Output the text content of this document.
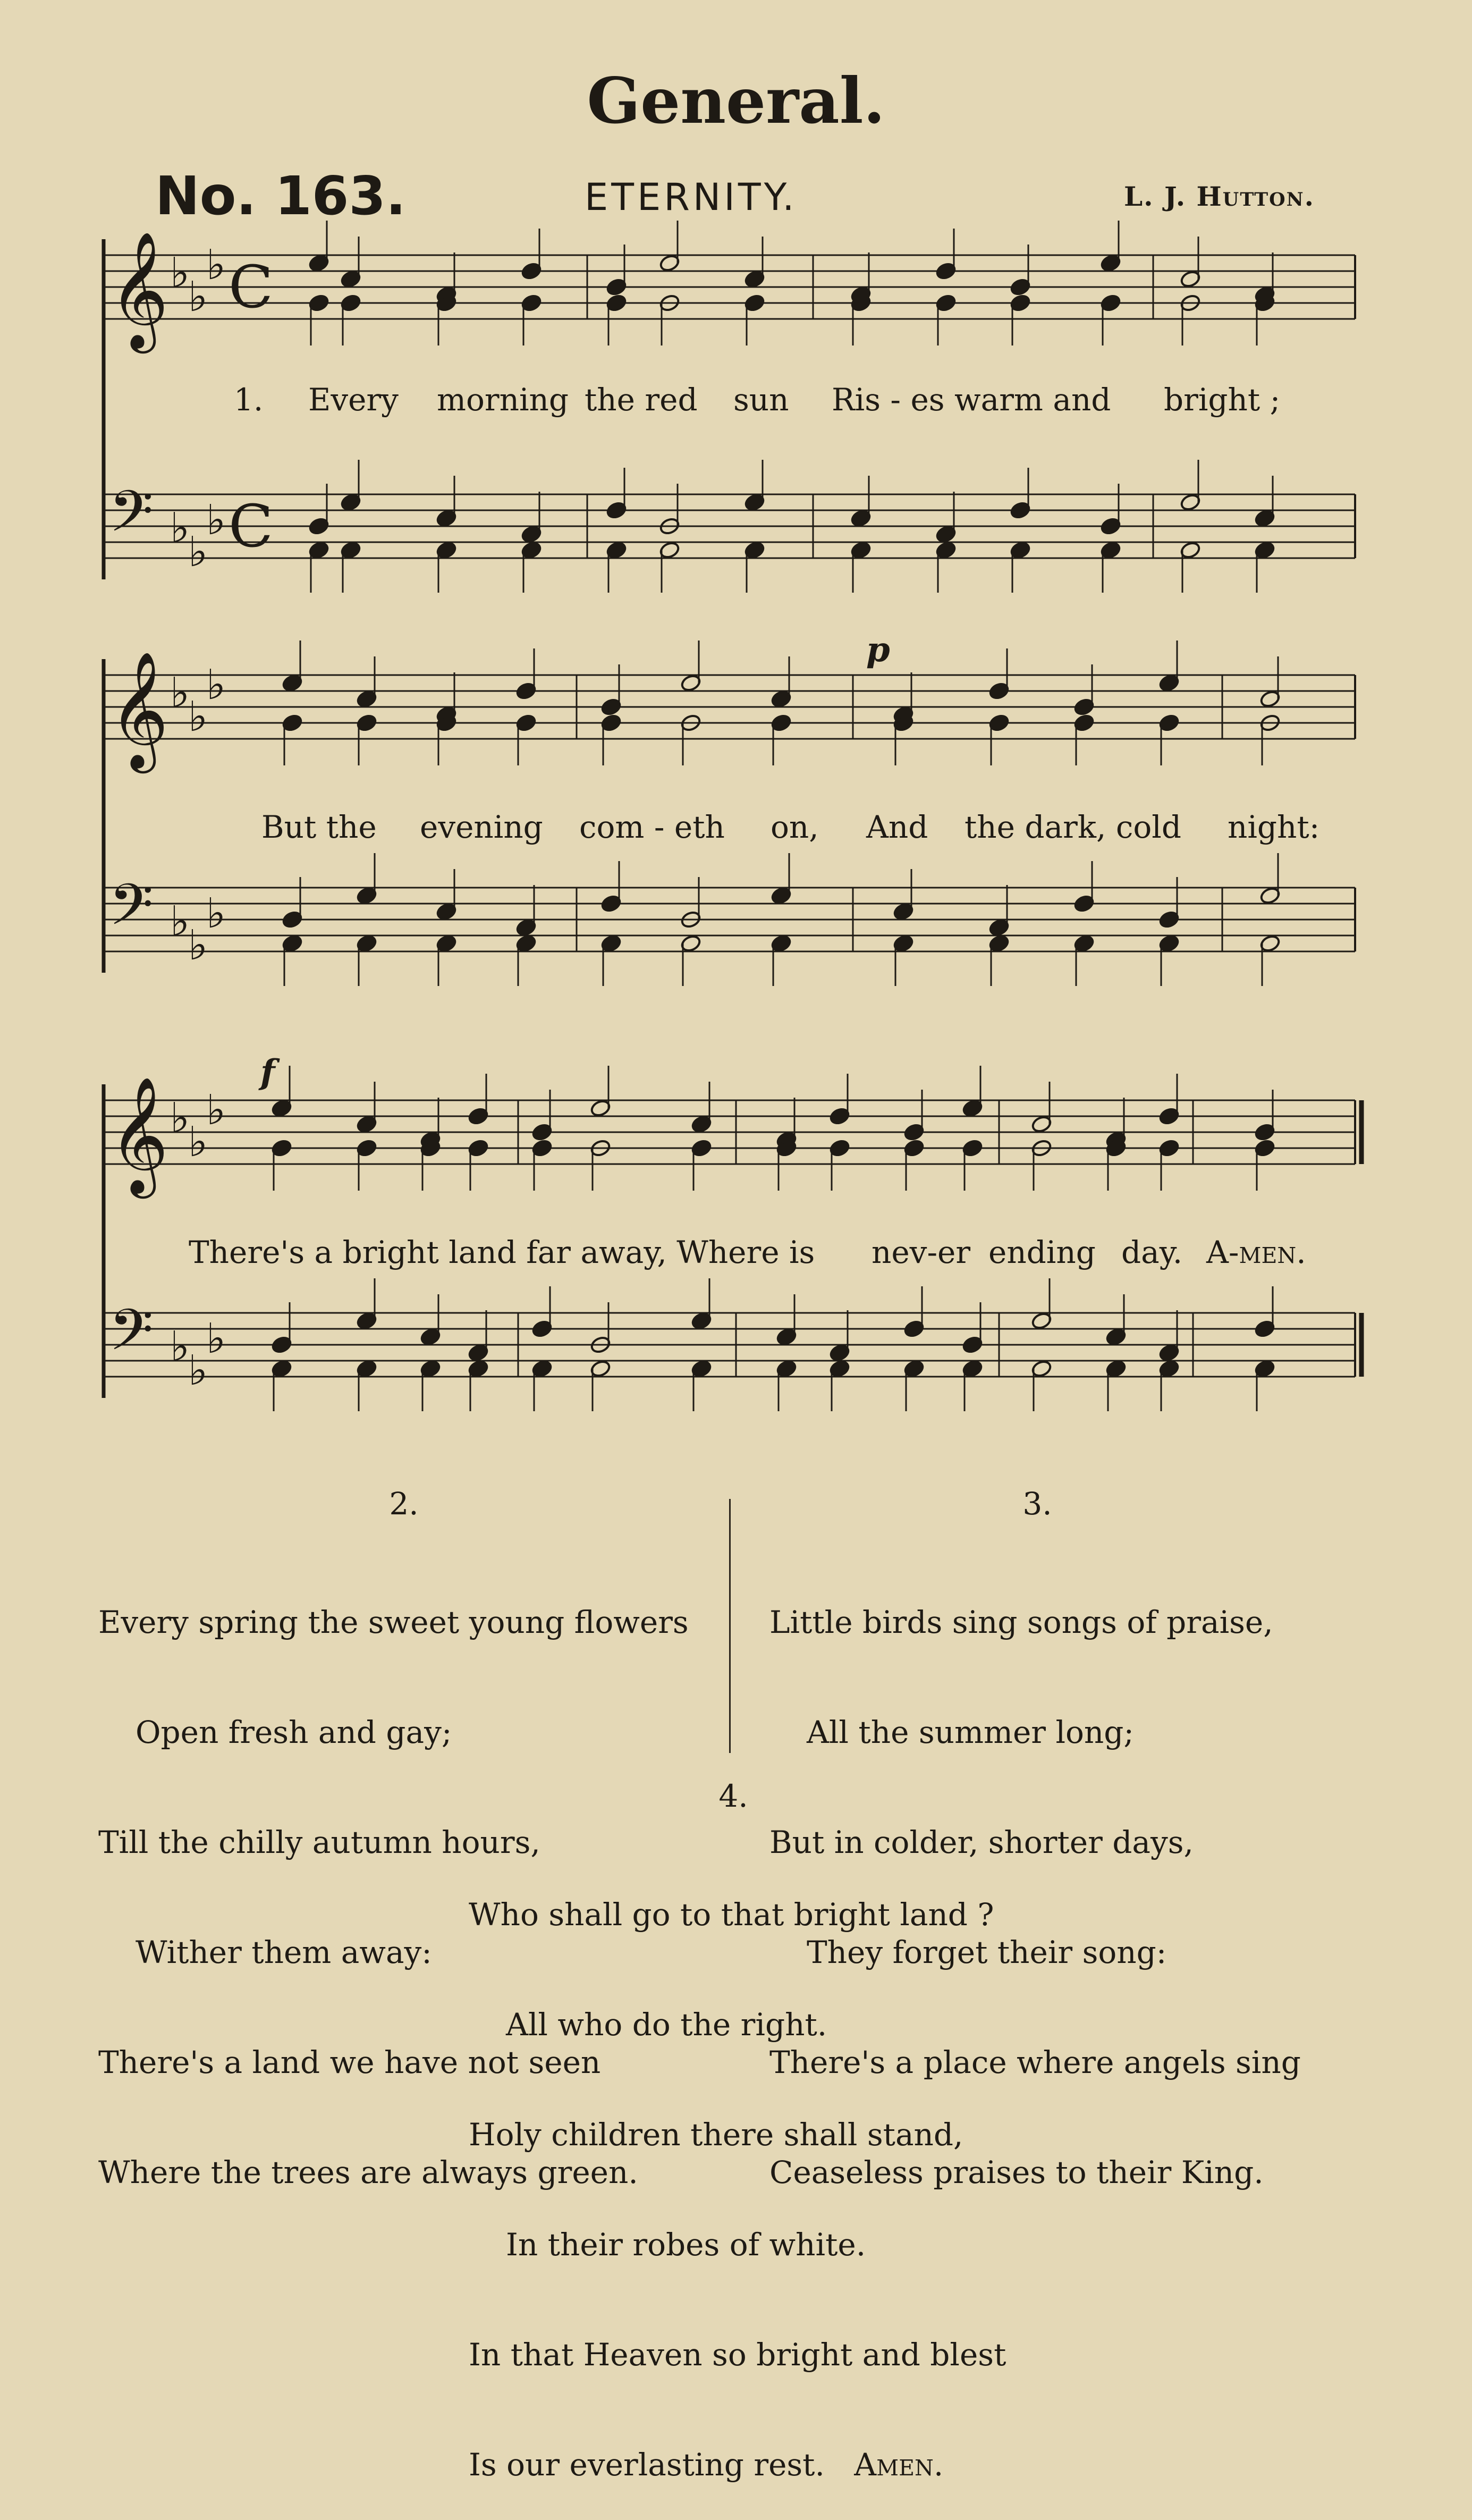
General.
No. 163.	ETERNITY.	L. J. Hutton.
𝄞 ♭
♭
♭ C
𝄢 ♭
♭
♭ C
𝄞 ♭
♭
♭
𝄢 ♭
♭
♭
𝄞 ♭
♭
♭
𝄢 ♭
♭
♭
1. Every morning the red sun Ris - es warm and bright ;
p
But the evening com - eth on, And the dark, cold night:
f
There's a bright land far away, Where is nev-er ending day. A-men.
2.

Every spring the sweet young flowers

Open fresh and gay;

Till the chilly autumn hours,

Wither them away:

There's a land we have not seen

Where the trees are always green.

3.

Little birds sing songs of praise,

All the summer long;

But in colder, shorter days,

They forget their song:

There's a place where angels sing

Ceaseless praises to their King.

4.

Who shall go to that bright land ?

All who do the right.

Holy children there shall stand,

In their robes of white.

In that Heaven so bright and blest

Is our everlasting rest. Amen.
